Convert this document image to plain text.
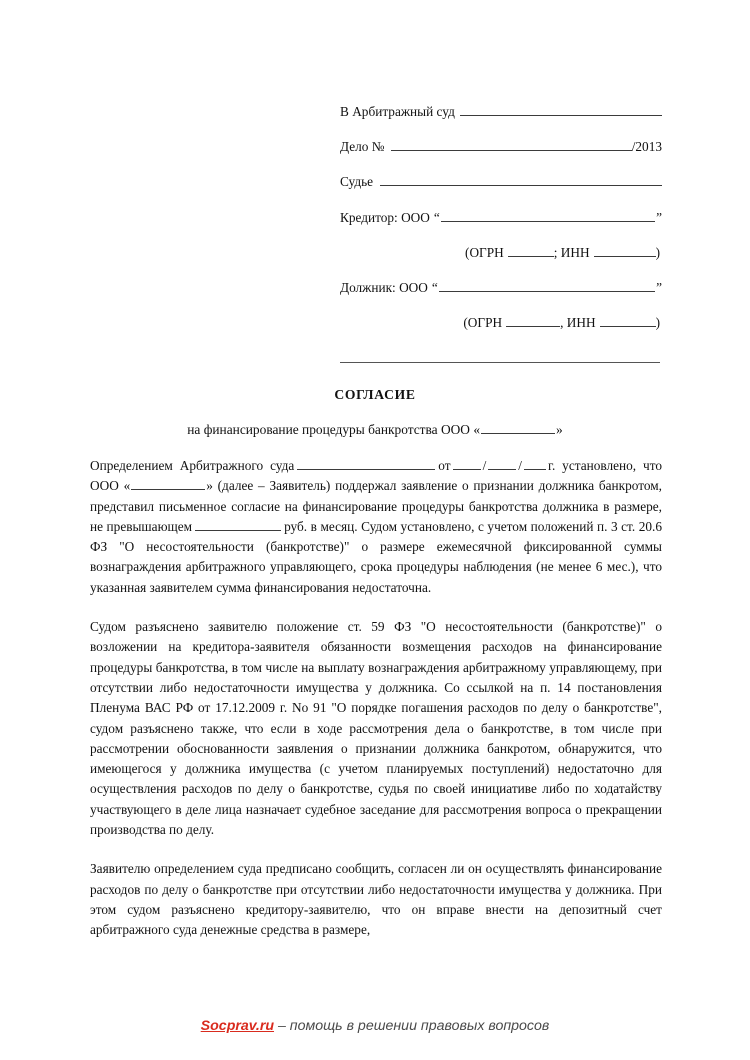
В Арбитражный суд
Дело №	/2013
Судье
Кредитор: ООО “	”
(ОГРН	; ИНН	)
Должник: ООО “	”
(ОГРН	, ИНН	)
СОГЛАСИЕ
на финансирование процедуры банкротства ООО «	»

Определением Арбитражного суда	от / / г. установлено, что ООО «	» (далее – Заявитель) поддержал заявление о признании должника банкротом, представил письменное согласие на финансирование процедуры банкротства должника в размере, не превышающем	руб. в месяц. Судом установлено, с учетом положений п. 3 ст. 20.6 ФЗ "О несостоятельности (банкротстве)" о размере ежемесячной фиксированной суммы вознаграждения арбитражного управляющего, срока процедуры наблюдения (не менее 6 мес.), что указанная заявителем сумма финансирования недостаточна.

Судом разъяснено заявителю положение ст. 59 ФЗ "О несостоятельности (банкротстве)" о возложении на кредитора-заявителя обязанности возмещения расходов на финансирование процедуры банкротства, в том числе на выплату вознаграждения арбитражному управляющему, при отсутствии либо недостаточности имущества у должника. Со ссылкой на п. 14 постановления Пленума ВАС РФ от 17.12.2009 г. No 91 "О порядке погашения расходов по делу о банкротстве", судом разъяснено также, что если в ходе рассмотрения дела о банкротстве, в том числе при рассмотрении обоснованности заявления о признании должника банкротом, обнаружится, что имеющегося у должника имущества (с учетом планируемых поступлений) недостаточно для осуществления расходов по делу о банкротстве, судья по своей инициативе либо по ходатайству участвующего в деле лица назначает судебное заседание для рассмотрения вопроса о прекращении производства по делу.

Заявителю определением суда предписано сообщить, согласен ли он осуществлять финансирование расходов по делу о банкротстве при отсутствии либо недостаточности имущества у должника. При этом судом разъяснено кредитору-заявителю, что он вправе внести на депозитный счет арбитражного суда денежные средства в размере,

Socprav.ru – помощь в решении правовых вопросов
